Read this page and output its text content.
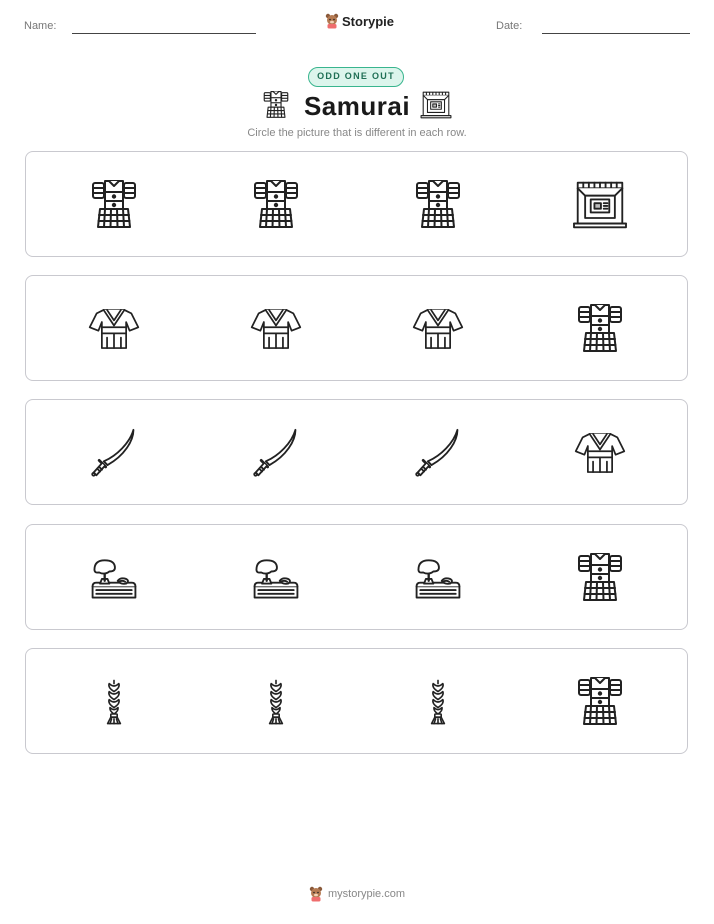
Name:	Storypie	Date:
ODD ONE OUT
Samurai
Circle the picture that is different in each row.
mystorypie.com
